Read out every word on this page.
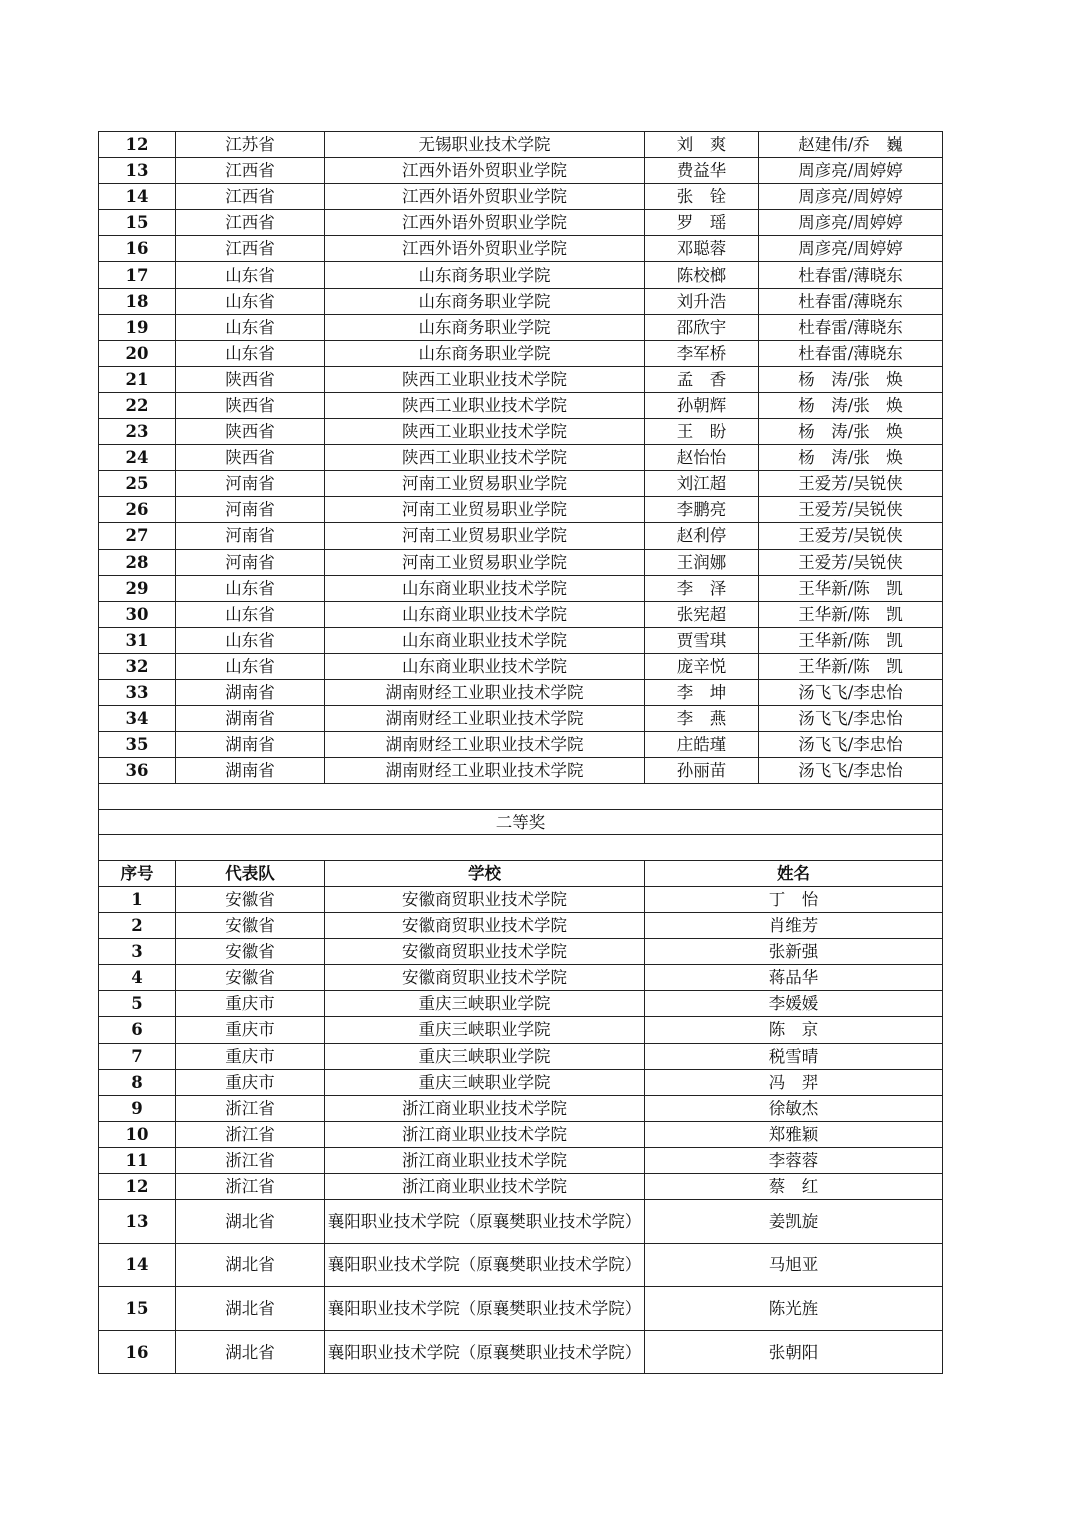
12	江苏省	无锡职业技术学院	刘　爽	赵建伟/乔　巍
13	江西省	江西外语外贸职业学院	费益华	周彦亮/周婷婷
14	江西省	江西外语外贸职业学院	张　铨	周彦亮/周婷婷
15	江西省	江西外语外贸职业学院	罗　瑶	周彦亮/周婷婷
16	江西省	江西外语外贸职业学院	邓聪蓉	周彦亮/周婷婷
17	山东省	山东商务职业学院	陈校榔	杜春雷/薄晓东
18	山东省	山东商务职业学院	刘升浩	杜春雷/薄晓东
19	山东省	山东商务职业学院	邵欣宇	杜春雷/薄晓东
20	山东省	山东商务职业学院	李军桥	杜春雷/薄晓东
21	陕西省	陕西工业职业技术学院	孟　香	杨　涛/张　焕
22	陕西省	陕西工业职业技术学院	孙朝辉	杨　涛/张　焕
23	陕西省	陕西工业职业技术学院	王　盼	杨　涛/张　焕
24	陕西省	陕西工业职业技术学院	赵怡怡	杨　涛/张　焕
25	河南省	河南工业贸易职业学院	刘江超	王爱芳/吴锐侠
26	河南省	河南工业贸易职业学院	李鹏亮	王爱芳/吴锐侠
27	河南省	河南工业贸易职业学院	赵利停	王爱芳/吴锐侠
28	河南省	河南工业贸易职业学院	王润娜	王爱芳/吴锐侠
29	山东省	山东商业职业技术学院	李　泽	王华新/陈　凯
30	山东省	山东商业职业技术学院	张宪超	王华新/陈　凯
31	山东省	山东商业职业技术学院	贾雪琪	王华新/陈　凯
32	山东省	山东商业职业技术学院	庞辛悦	王华新/陈　凯
33	湖南省	湖南财经工业职业技术学院	李　坤	汤飞飞/李忠怡
34	湖南省	湖南财经工业职业技术学院	李　燕	汤飞飞/李忠怡
35	湖南省	湖南财经工业职业技术学院	庄皓瑾	汤飞飞/李忠怡
36	湖南省	湖南财经工业职业技术学院	孙丽苗	汤飞飞/李忠怡

二等奖				

序号	代表队	学校	姓名	
1	安徽省	安徽商贸职业技术学院	丁　怡	
2	安徽省	安徽商贸职业技术学院	肖维芳	
3	安徽省	安徽商贸职业技术学院	张新强	
4	安徽省	安徽商贸职业技术学院	蒋品华	
5	重庆市	重庆三峡职业学院	李媛媛	
6	重庆市	重庆三峡职业学院	陈　京	
7	重庆市	重庆三峡职业学院	税雪晴	
8	重庆市	重庆三峡职业学院	冯　羿	
9	浙江省	浙江商业职业技术学院	徐敏杰	
10	浙江省	浙江商业职业技术学院	郑雅颖	
11	浙江省	浙江商业职业技术学院	李蓉蓉	
12	浙江省	浙江商业职业技术学院	蔡　红	
13	湖北省	襄阳职业技术学院（原襄樊职业技术学院）	姜凯旋	
14	湖北省	襄阳职业技术学院（原襄樊职业技术学院）	马旭亚	
15	湖北省	襄阳职业技术学院（原襄樊职业技术学院）	陈光旌	
16	湖北省	襄阳职业技术学院（原襄樊职业技术学院）	张朝阳	
